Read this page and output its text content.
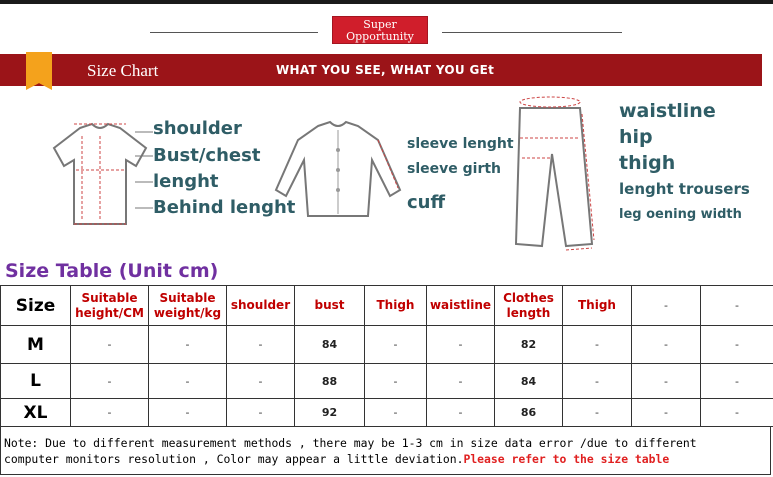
Super
Opportunity
Size Chart	WHAT YOU SEE, WHAT YOU GEt
shoulder
Bust/chest
lenght
Behind lenght
sleeve lenght
sleeve girth
cuff
waistline
hip
thigh
lenght trousers
leg oening width
Size Table (Unit cm)
Size	Suitable height/CM	Suitable weight/kg	shoulder	bust	Thigh	waistline	Clothes length	Thigh	-	-
M	-	-	-	84	-	-	82	-	-	-
L	-	-	-	88	-	-	84	-	-	-
XL	-	-	-	92	-	-	86	-	-	-
Note: Due to different measurement methods , there may be 1-3 cm in size data error /due to different
computer monitors resolution , Color may appear a little deviation.Please refer to the size table
